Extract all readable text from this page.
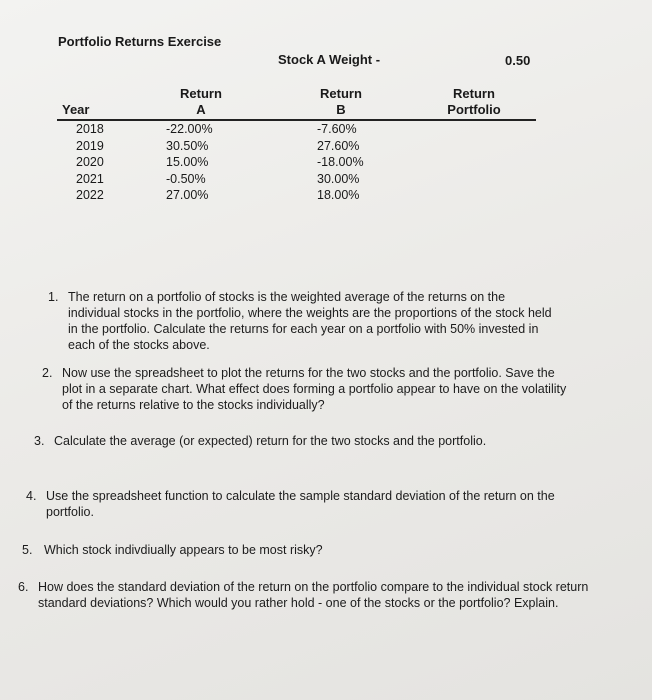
Portfolio Returns Exercise
Stock A Weight -	0.50
Year
Return
A
Return
B
Return
Portfolio
2018
2019
2020
2021
2022
-22.00%
30.50%
15.00%
-0.50%
27.00%
-7.60%
27.60%
-18.00%
30.00%
18.00%
1. The return on a portfolio of stocks is the weighted average of the returns on the individual stocks in the portfolio, where the weights are the proportions of the stock held in the portfolio. Calculate the returns for each year on a portfolio with 50% invested in each of the stocks above.
2. Now use the spreadsheet to plot the returns for the two stocks and the portfolio. Save the plot in a separate chart. What effect does forming a portfolio appear to have on the volatility of the returns relative to the stocks individually?
3. Calculate the average (or expected) return for the two stocks and the portfolio.
4. Use the spreadsheet function to calculate the sample standard deviation of the return on the portfolio.
5. Which stock indivdiually appears to be most risky?
6. How does the standard deviation of the return on the portfolio compare to the individual stock return standard deviations? Which would you rather hold - one of the stocks or the portfolio? Explain.
